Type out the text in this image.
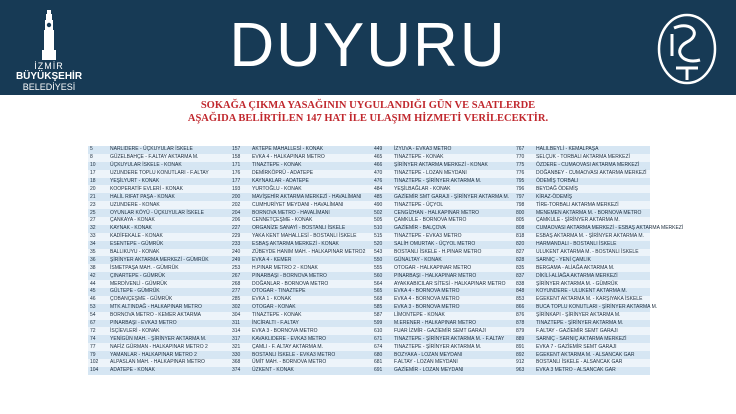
İZMİR
BÜYÜKŞEHİR
BELEDİYESİ
DUYURU
SOKAĞA ÇIKMA YASAĞININ UYGULANDIĞI GÜN VE SAATLERDE
AŞAĞIDA BELİRTİLEN 147 HAT İLE ULAŞIM HİZMETİ VERİLECEKTİR.
5	NARLIDERE - ÜÇKUYULAR İSKELE	157	AKTEPE MAHALLESİ - KONAK	449	İZYUVA - EVKA3 METRO	767	HALILBEYLİ - KEMALPAŞA
8	GÜZELBAHÇE - F.ALTAY AKTARMA M.	158	EVKA 4 - HALKAPINAR METRO	465	TINAZTEPE - KONAK	770	SELÇUK - TORBALI AKTARMA MERKEZİ
10	ÜÇKUYULAR İSKELE - KONAK	171	TINAZTEPE - KONAK	466	ŞİRİNYER AKTARMA MERKEZİ - KONAK	775	ÖZDERE - CUMAOVASI AKTARMA MERKEZİ
17	UZUNDERE TOPLU KONUTLARI - F.ALTAY	176	DEMİRKÖPRÜ - ADATEPE	470	TINAZTEPE - LOZAN MEYDANI	776	DOĞANBEY - CUMAOVASI AKTARMA MERKEZİ
18	YEŞİLYURT - KONAK	177	KAYNAKLAR - ADATEPE	476	TINAZTEPE - ŞİRİNYER AKTARMA M.	795	ÖDEMİŞ TORBALI
20	KOOPERATİF EVLERİ - KONAK	193	YURTOĞLU - KONAK	484	YEŞİLBAĞLAR - KONAK	796	BEYDAĞ ÖDEMİŞ
21	HALİL RIFAT PAŞA - KONAK	200	MAVİŞEHİR AKTARMA MERKEZİ - HAVALİMANI	485	GAZİEMİR SMT GARAJI - ŞİRİNYER AKTARMA M.	797	KİRAZ-ÖDEMİŞ
23	UZUNDERE - KONAK	202	CUMHURİYET MEYDANI - HAVALİMANI	490	TINAZTEPE - ÜÇYOL	798	TİRE-TORBALI AKTARMA MERKEZİ
25	OYUNLAR KÖYÜ - ÜÇKUYULAR İSKELE	204	BORNOVA METRO - HAVALİMANI	502	CENGİZHAN - HALKAPINAR METRO	800	MENEMEN AKTARMA M. - BORNOVA METRO
27	ÇANKAYA - KONAK	206	CENNETÇEŞME - KONAK	505	ÇAMKULE - BORNOVA METRO	805	ÇAMKULE - ŞİRİNYER AKTARMA M.
32	KAYNAK - KONAK	227	ORGANİZE SANAYİ - BOSTANLI İSKELE	510	GAZİEMİR - BALÇOVA	808	CUMAOVASI AKTARMA MERKEZİ - ESBAŞ AKTARMA MERKEZİ
33	KADİFEKALE - KONAK	229	YAKA KENT MAHALLESİ - BOSTANLI İSKELE	515	TINAZTEPE - EVKA3 METRO	818	ESBAŞ AKTARMA M. - ŞİRİNYER AKTARMA M.
34	ESENTEPE - GÜMRÜK	233	ESBAŞ AKTARMA MERKEZİ - KONAK	520	SALİH OMURTAK - ÜÇYOL METRO	820	HARMANDALI - BOSTANLI İSKELE
35	BALLIKUYU - KONAK	240	ZÜBEYDE HANIM MAH. - HALKAPINAR METRO2	543	BOSTANLI İSKELE - H.PINAR METRO	827	ULUKENT AKTARMA M. - BOSTANLI İSKELE
36	ŞİRİNYER AKTARMA MERKEZİ - GÜMRÜK	249	EVKA 4 - KEMER	550	GÜNALTAY - KONAK	828	SARNIÇ - YENİ ÇAMLIK
38	İSMETPAŞA MAH. - GÜMRÜK	253	H.PINAR METRO 2 - KONAK	555	OTOGAR - HALKAPINAR METRO	835	BERGAMA - ALİAĞA AKTARMA M.
42	ÇINARTEPE - GÜMRÜK	267	PINARBAŞI - BORNOVA METRO	560	PINARBAŞI - HALKAPINAR METRO	837	DİKİLİ-ALİAĞA AKTARMA MERKEZİ
44	MERDİVENLİ - GÜMRÜK	268	DOĞANLAR - BORNOVA METRO	564	AYAKKABICILAR SİTESİ - HALKAPINAR METRO	838	ŞİRİNYER AKTARMA M. - GÜMRÜK
45	GÜLTEPE - GÜMRÜK	277	OTOGAR - TINAZTEPE	565	EVKA 4 - BORNOVA METRO	848	KOYUNDERE - ULUKENT AKTARMA M.
46	ÇOBANÇEŞME - GÜMRÜK	285	EVKA 1 - KONAK	568	EVKA 4 - BORNOVA METRO	853	EGEKENT AKTARMA M. - KARŞIYAKA İSKELE
53	MTK ALTINDAĞ - HALKAPINAR METRO	302	OTOGAR - KONAK	585	EVKA 3 - BORNOVA METRO	866	BUCA TOPLU KONUTLARI - ŞİRİNYER AKTARMA M.
54	BORNOVA METRO - KEMER AKTARMA	304	TINAZTEPE - KONAK	587	LİMONTEPE - KONAK	876	ŞİRİNKAPI - ŞİRİNYER AKTARMA M.
67	PINARBAŞI - EVKA3 METRO	311	İNCİRALTI - F.ALTAY	599	M.ERENER - HALKAPINAR METRO	878	TINAZTEPE - ŞİRİNYER AKTARMA M.
72	İSÇİEVLERİ - KONAK	314	EVKA 3 - BORNOVA METRO	610	FUAR İZMİR - GAZİEMİR SEMT GARAJI	879	F.ALTAY - GAZİEMİR SEMT GARAJI
74	YENİGÜN MAH. - ŞİRİNYER AKTARMA M.	317	KAVAKLIDERE - EVKA3 METRO	671	TINAZTEPE - ŞİRİNYER AKTARMA M. - F.ALTAY	889	SARNIÇ - SARNIÇ AKTARMA MERKEZİ
77	NAFİZ GÜRMAN - HALKAPINAR METRO 2	321	ÇAMLI - F. ALTAY AKTARMA M.	674	TINAZTEPE - ŞİRİNYER AKTARMA M.	891	EVKA 7 - GAZİEMİR SEMT GARAJI
79	YAMANLAR - HALKAPINAR METRO 2	330	BOSTANLI İSKELE - EVKA3 METRO	680	BOZYAKA - LOZAN MEYDANI	892	EGEKENT AKTARMA M. - ALSANCAK GAR
102	ALPASLAN MAH. - HALKAPINAR METRO	368	ÜMİT MAH. - BORNOVA METRO	681	F.ALTAY - LOZAN MEYDANI	912	BOSTANLI İSKELE - ALSANCAK GAR
104	ADATEPE - KONAK	374	ÜZKENT - KONAK	691	GAZİEMİR - LOZAN MEYDANI	963	EVKA 3 METRO - ALSANCAK GAR
